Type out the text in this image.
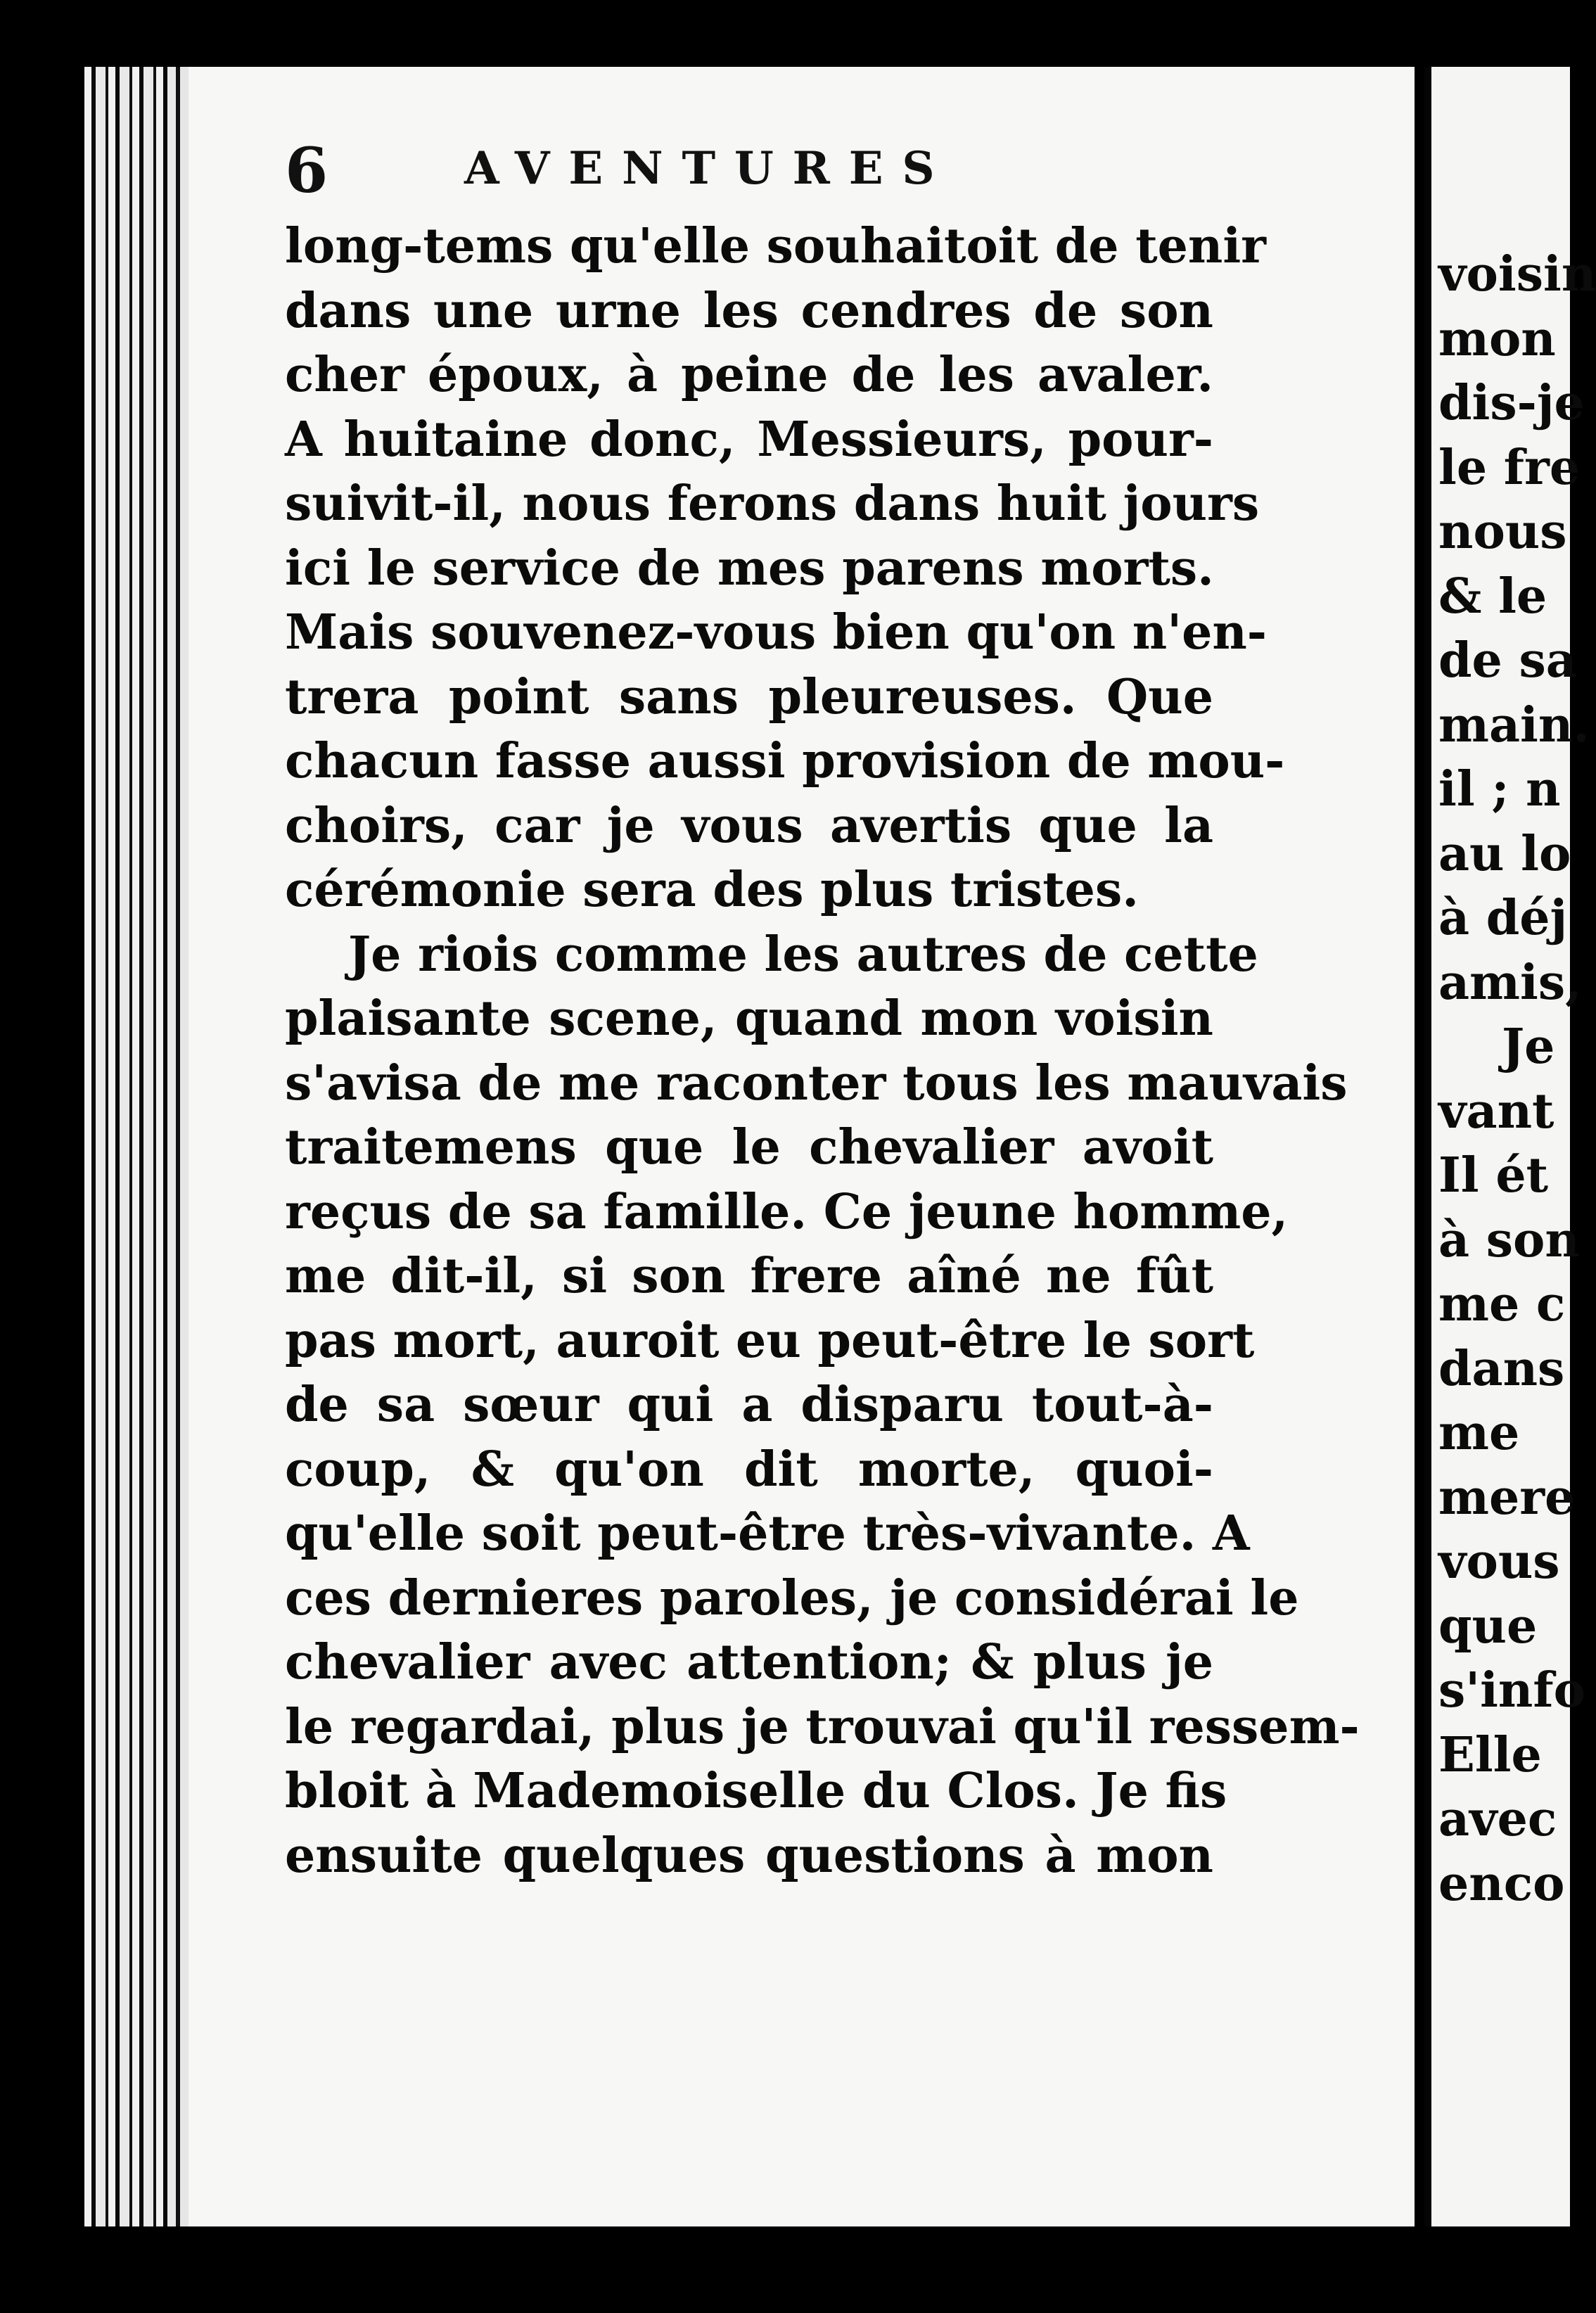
6	AVENTURES
long-tems qu'elle souhaitoit de tenir
dans une urne les cendres de son
cher époux, à peine de les avaler.
A huitaine donc, Messieurs, pour-
suivit-il, nous ferons dans huit jours
ici le service de mes parens morts.
Mais souvenez-vous bien qu'on n'en-
trera point sans pleureuses. Que
chacun fasse aussi provision de mou-
choirs, car je vous avertis que la
cérémonie sera des plus tristes.
Je riois comme les autres de cette
plaisante scene, quand mon voisin
s'avisa de me raconter tous les mauvais
traitemens que le chevalier avoit
reçus de sa famille. Ce jeune homme,
me dit-il, si son frere aîné ne fût
pas mort, auroit eu peut-être le sort
de sa sœur qui a disparu tout-à-
coup, & qu'on dit morte, quoi-
qu'elle soit peut-être très-vivante. A
ces dernieres paroles, je considérai le
chevalier avec attention; & plus je
le regardai, plus je trouvai qu'il ressem-
bloit à Mademoiselle du Clos. Je fis
ensuite quelques questions à mon
voisin
mon
dis-je
le fre
nous
& le
de sa
main.
il ; n
au lo
à déj
amis,
Je
vant
Il ét
à son
me c
dans
me
mere
vous
que
s'info
Elle
avec
enco
